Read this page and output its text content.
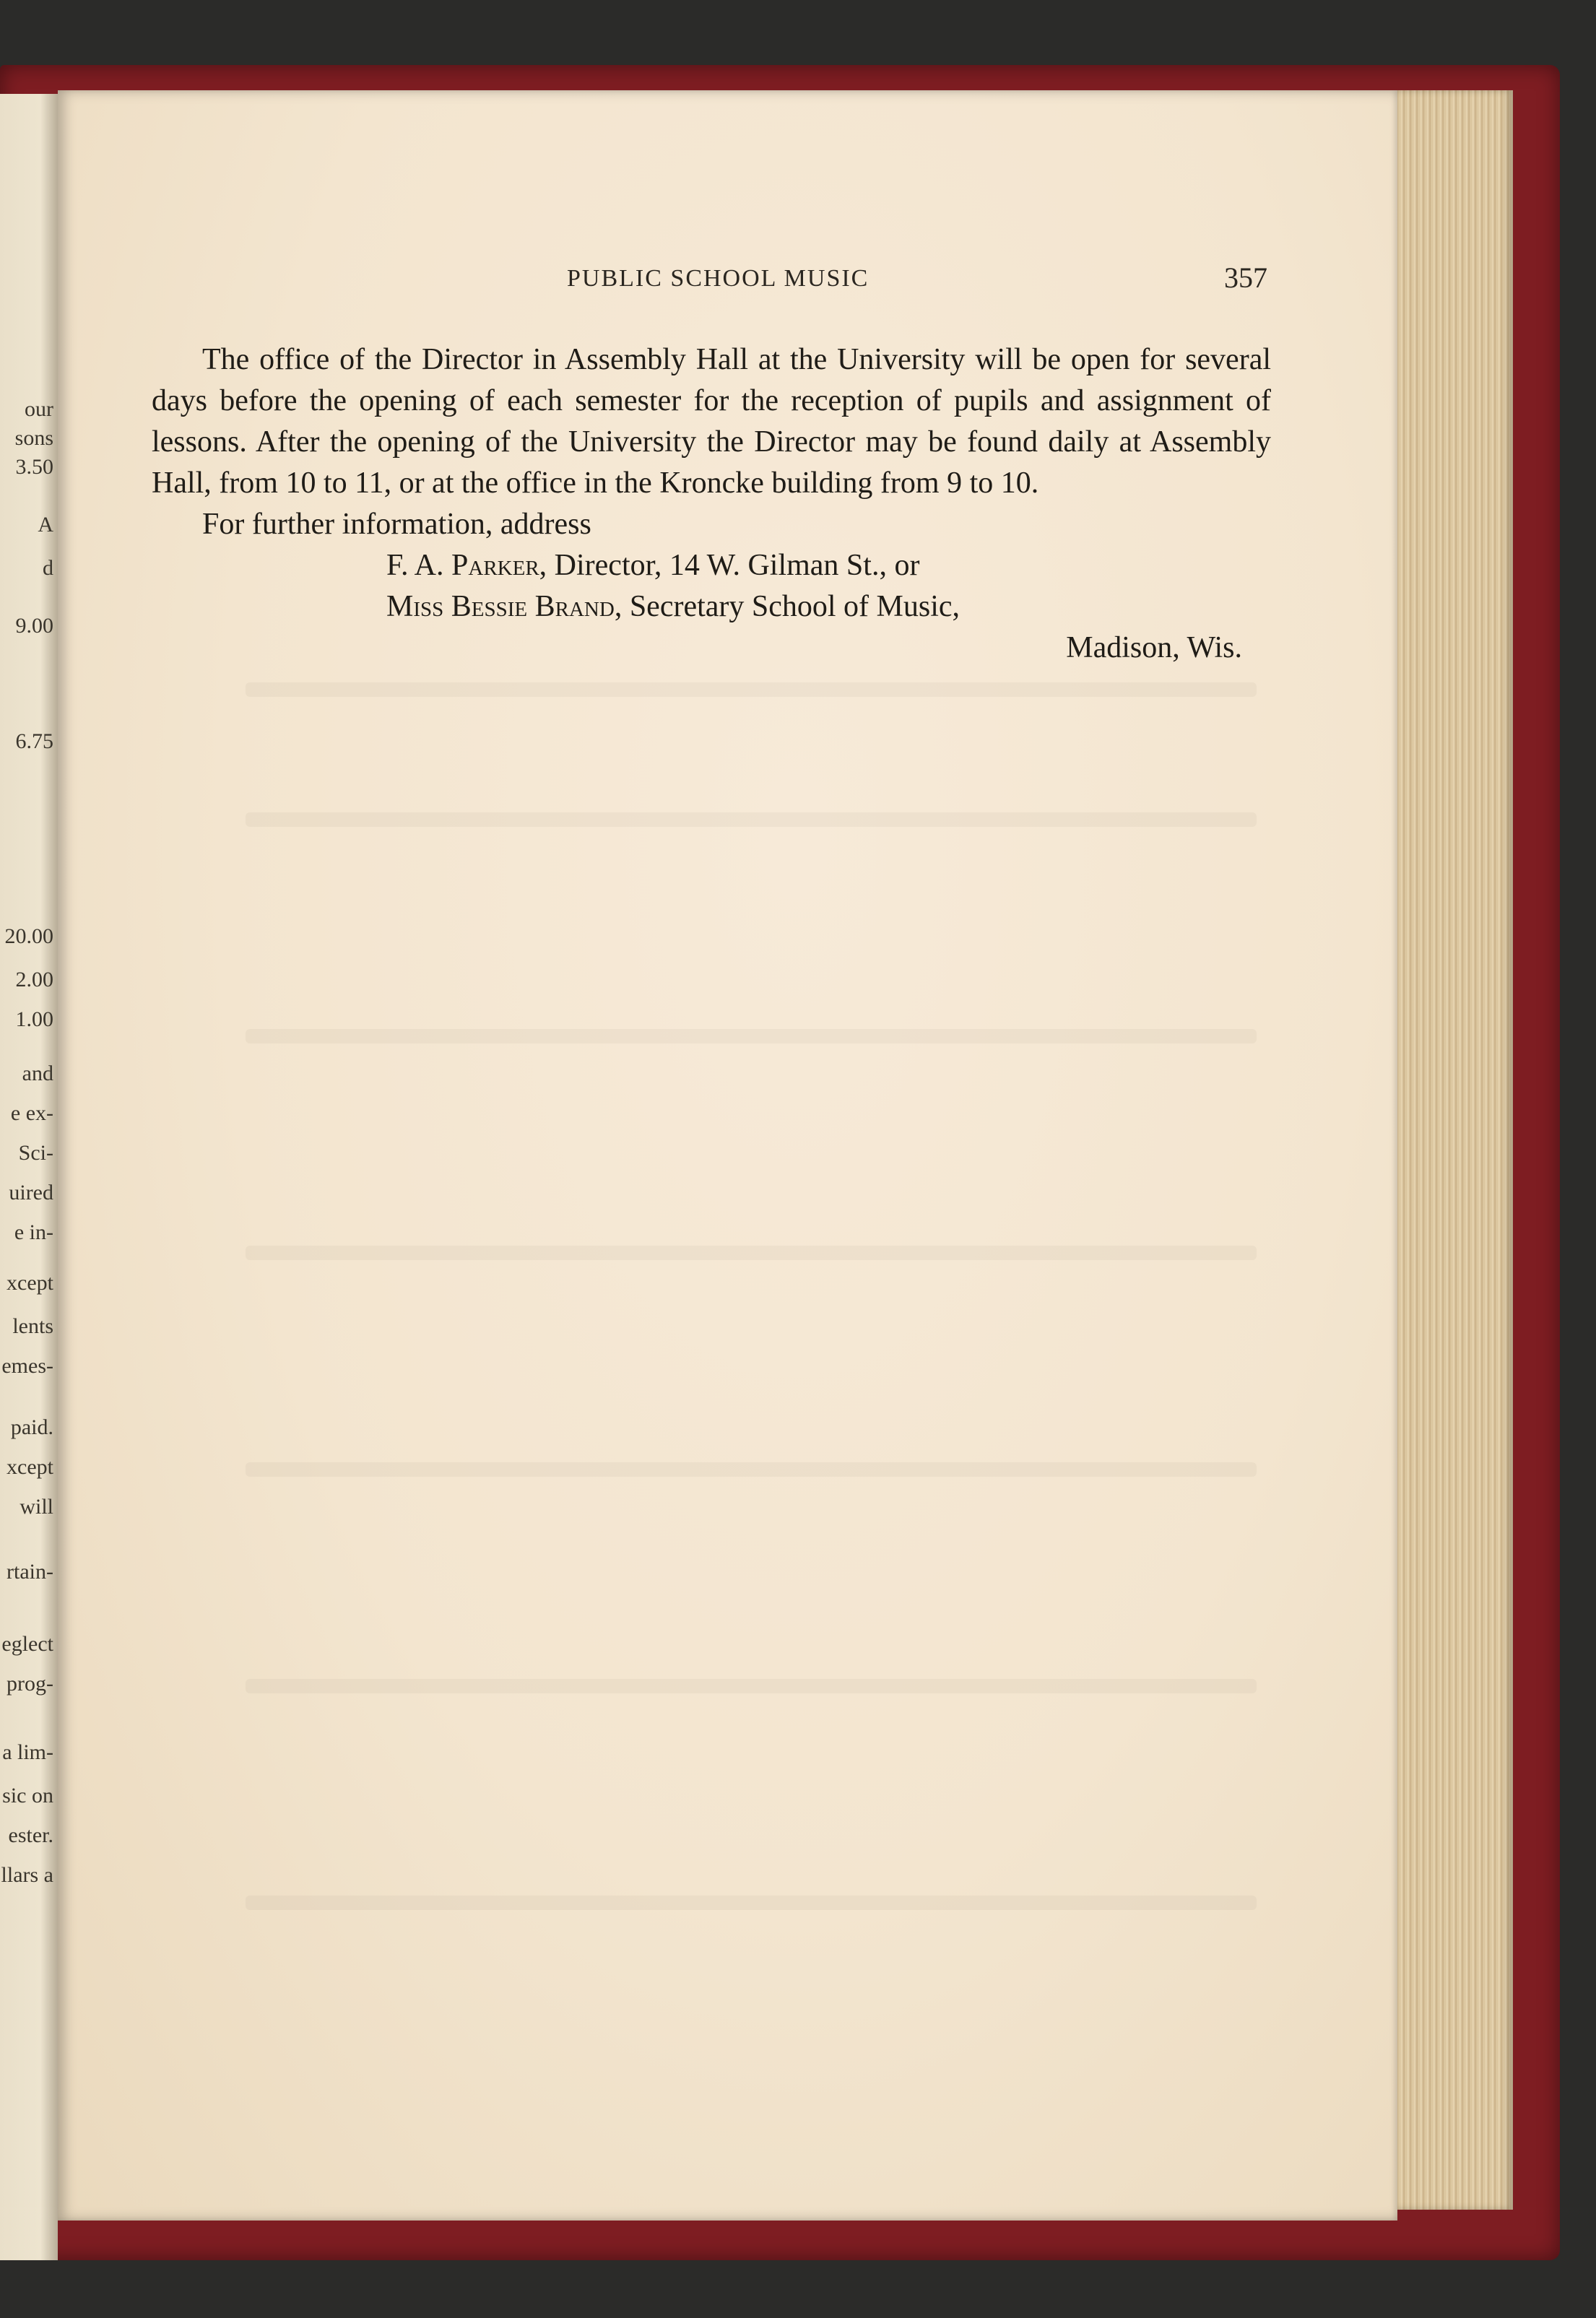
our
sons
3.50
A
d
9.00
6.75
20.00
2.00
1.00
and
e ex-
Sci-
uired
e in-
xcept
lents
emes-
paid.
xcept
will
rtain-
eglect
prog-
a lim-
sic on
ester.
llars a
PUBLIC SCHOOL MUSIC	357

The office of the Director in Assembly Hall at the University will be open for several days before the opening of each semester for the reception of pupils and assignment of lessons. After the opening of the University the Director may be found daily at Assembly Hall, from 10 to 11, or at the office in the Kroncke building from 9 to 10.

For further information, address

F. A. Parker, Director, 14 W. Gilman St., or
Miss Bessie Brand, Secretary School of Music,
Madison, Wis.
